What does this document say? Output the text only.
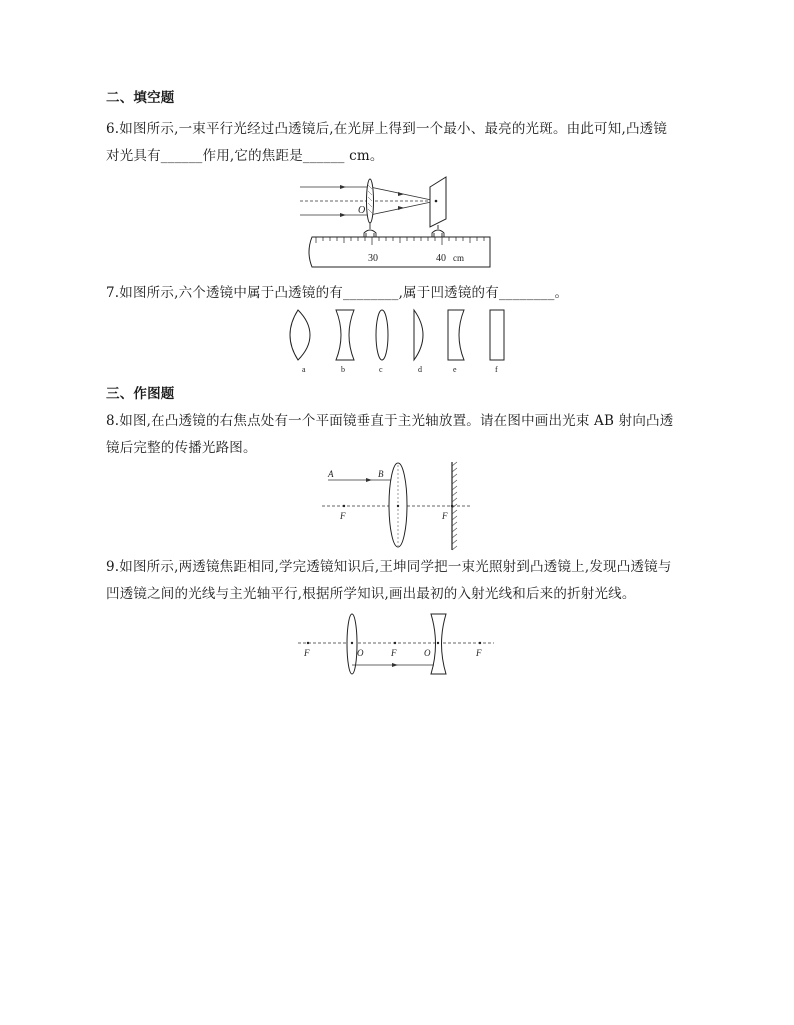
二、填空题
6.如图所示,一束平行光经过凸透镜后,在光屏上得到一个最小、最亮的光斑。由此可知,凸透镜
对光具有______作用,它的焦距是______ cm。
O
30	40 cm
7.如图所示,六个透镜中属于凸透镜的有________,属于凹透镜的有________。
a	b	c	d	e	f
三、作图题
8.如图,在凸透镜的右焦点处有一个平面镜垂直于主光轴放置。请在图中画出光束 AB 射向凸透
镜后完整的传播光路图。
A	B
F	F
9.如图所示,两透镜焦距相同,学完透镜知识后,王坤同学把一束光照射到凸透镜上,发现凸透镜与
凹透镜之间的光线与主光轴平行,根据所学知识,画出最初的入射光线和后来的折射光线。
F	O	F	O	F
